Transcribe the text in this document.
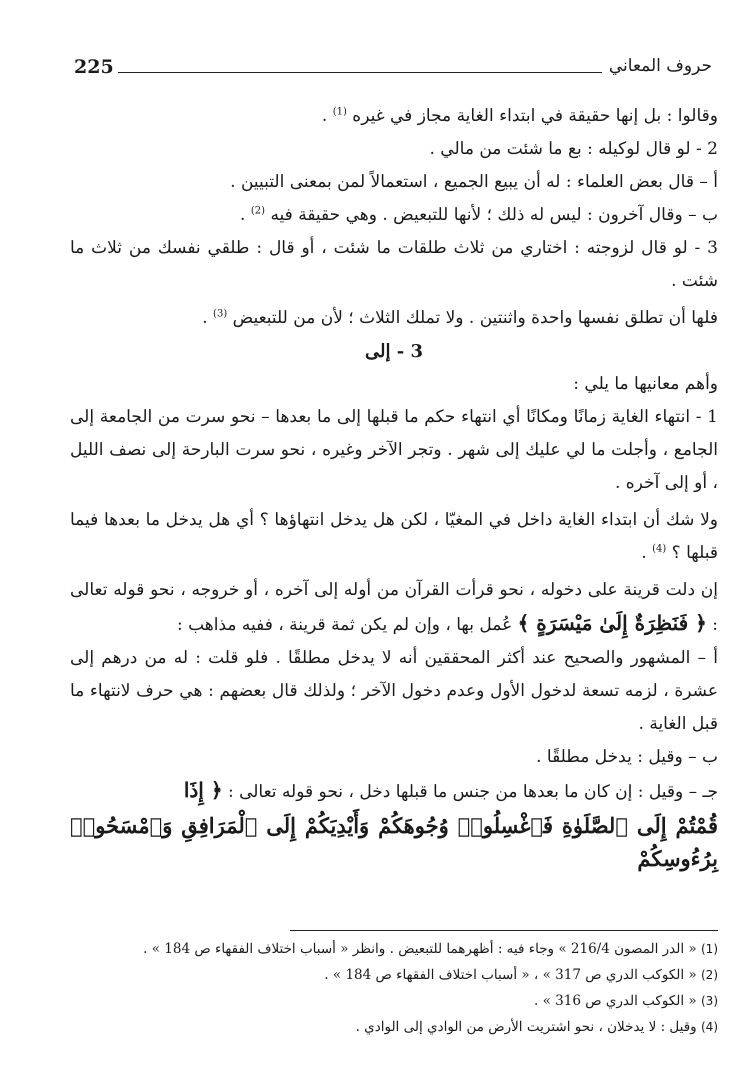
225	حروف المعاني

وقالوا : بل إنها حقيقة في ابتداء الغاية مجاز في غيره $^{(1)}$ .

2 - لو قال لوكيله : بع ما شئت من مالي .

أ – قال بعض العلماء : له أن يبيع الجميع ، استعمالاً لمن بمعنى التبيين .

ب – وقال آخرون : ليس له ذلك ؛ لأنها للتبعيض . وهي حقيقة فيه $^{(2)}$ .

3 - لو قال لزوجته : اختاري من ثلاث طلقات ما شئت ، أو قال : طلقي نفسك من ثلاث ما شئت .

فلها أن تطلق نفسها واحدة واثنتين . ولا تملك الثلاث ؛ لأن من للتبعيض $^{(3)}$ .

3 - إلى

وأهم معانيها ما يلي :

1 - انتهاء الغاية زمانًا ومكانًا أي انتهاء حكم ما قبلها إلى ما بعدها – نحو سرت من الجامعة إلى الجامع ، وأجلت ما لي عليك إلى شهر . وتجر الآخر وغيره ، نحو سرت البارحة إلى نصف الليل ، أو إلى آخره .

ولا شك أن ابتداء الغاية داخل في المغيّا ، لكن هل يدخل انتهاؤها ؟ أي هل يدخل ما بعدها فيما قبلها ؟ $^{(4)}$ .

إن دلت قرينة على دخوله ، نحو قرأت القرآن من أوله إلى آخره ، أو خروجه ، نحو قوله تعالى : ﴿ فَنَظِرَةٌ إِلَىٰ مَيْسَرَةٍ ﴾ عُمل بها ، وإن لم يكن ثمة قرينة ، ففيه مذاهب :

أ – المشهور والصحيح عند أكثر المحققين أنه لا يدخل مطلقًا . فلو قلت : له من درهم إلى عشرة ، لزمه تسعة لدخول الأول وعدم دخول الآخر ؛ ولذلك قال بعضهم : هي حرف لانتهاء ما قبل الغاية .

ب – وقيل : يدخل مطلقًا .

جـ – وقيل : إن كان ما بعدها من جنس ما قبلها دخل ، نحو قوله تعالى : ﴿ إِذَا

قُمْتُمْ إِلَى ٱلصَّلَوٰةِ فَٱغْسِلُوا۟ وُجُوهَكُمْ وَأَيْدِيَكُمْ إِلَى ٱلْمَرَافِقِ وَٱمْسَحُوا۟ بِرُءُوسِكُمْ

(1) « الدر المصون 216/4 » وجاء فيه : أظهرهما للتبعيض . وانظر « أسباب اختلاف الفقهاء ص 184 » .

(2) « الكوكب الدري ص 317 » ، « أسباب اختلاف الفقهاء ص 184 » .

(3) « الكوكب الدري ص 316 » .

(4) وقيل : لا يدخلان ، نحو اشتريت الأرض من الوادي إلى الوادي .
